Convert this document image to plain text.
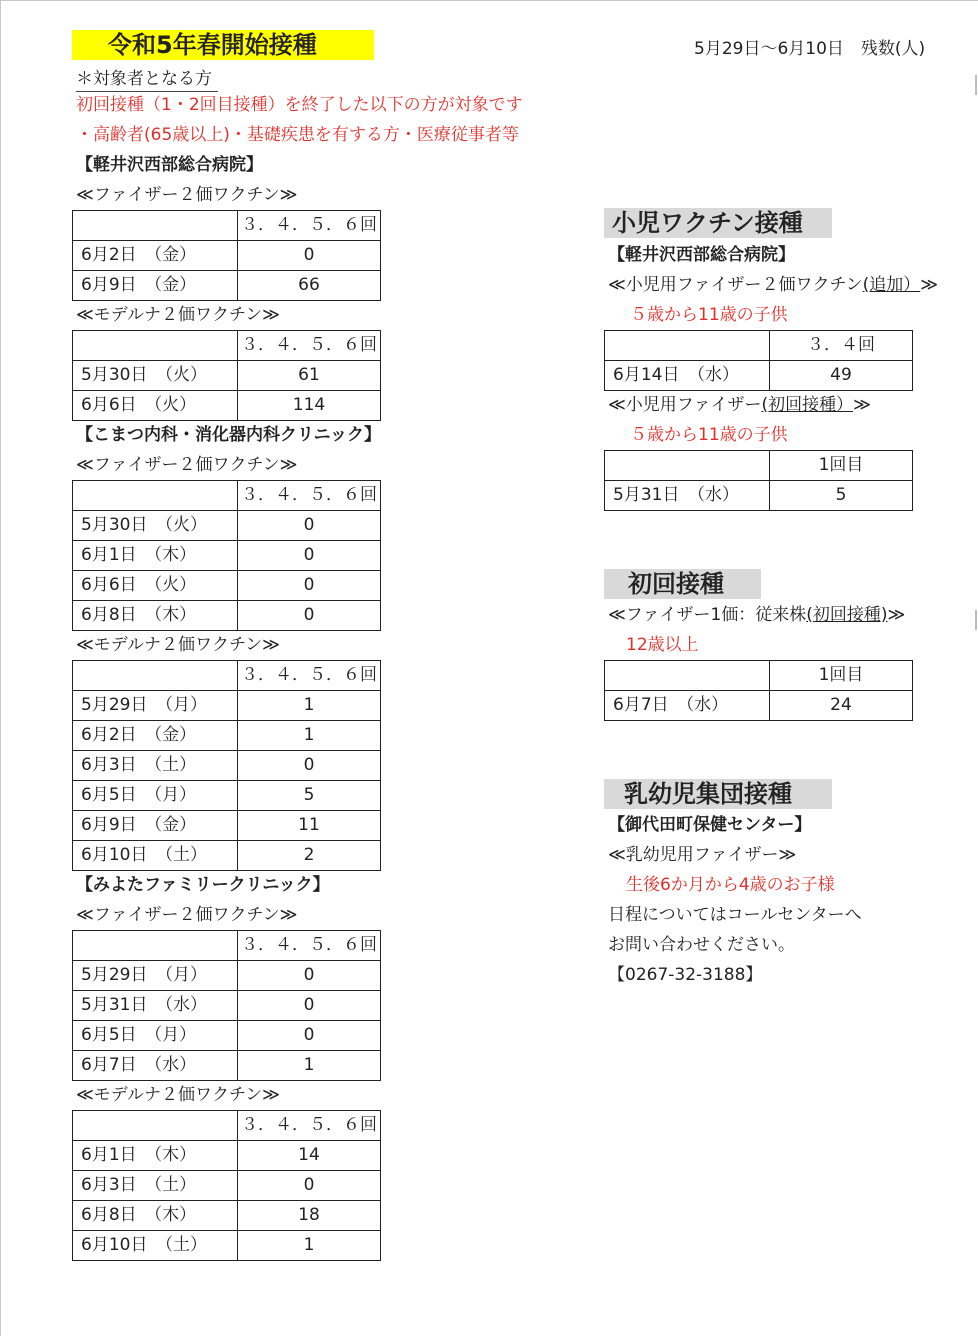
令和5年春開始接種	5月29日〜6月10日　残数(人)
＊対象者となる方
初回接種（1・2回目接種）を終了した以下の方が対象です
・高齢者(65歳以上)・基礎疾患を有する方・医療従事者等
【軽井沢西部総合病院】
≪ファイザー２価ワクチン≫
	３．４．５．６回
6月2日　（金）	0
6月9日　（金）	66
≪モデルナ２価ワクチン≫
	３．４．５．６回
5月30日　（火）	61
6月6日　（火）	114
【こまつ内科・消化器内科クリニック】
≪ファイザー２価ワクチン≫
	３．４．５．６回
5月30日　（火）	0
6月1日　（木）	0
6月6日　（火）	0
6月8日　（木）	0
≪モデルナ２価ワクチン≫
	３．４．５．６回
5月29日　（月）	1
6月2日　（金）	1
6月3日　（土）	0
6月5日　（月）	5
6月9日　（金）	11
6月10日　（土）	2
【みよたファミリークリニック】
≪ファイザー２価ワクチン≫
	３．４．５．６回
5月29日　（月）	0
5月31日　（水）	0
6月5日　（月）	0
6月7日　（水）	1
≪モデルナ２価ワクチン≫
	３．４．５．６回
6月1日　（木）	14
6月3日　（土）	0
6月8日　（木）	18
6月10日　（土）	1
小児ワクチン接種
【軽井沢西部総合病院】
≪小児用ファイザー２価ワクチン(追加）≫
５歳から11歳の子供
	３．４回
6月14日　（水）	49
≪小児用ファイザー(初回接種）≫
５歳から11歳の子供
	1回目
5月31日　（水）	5
初回接種
≪ファイザー1価：従来株(初回接種)≫
12歳以上
	1回目
6月7日　（水）	24
乳幼児集団接種
【御代田町保健センター】
≪乳幼児用ファイザー≫
生後6か月から4歳のお子様
日程についてはコールセンターへ
お問い合わせください。
【0267-32-3188】
